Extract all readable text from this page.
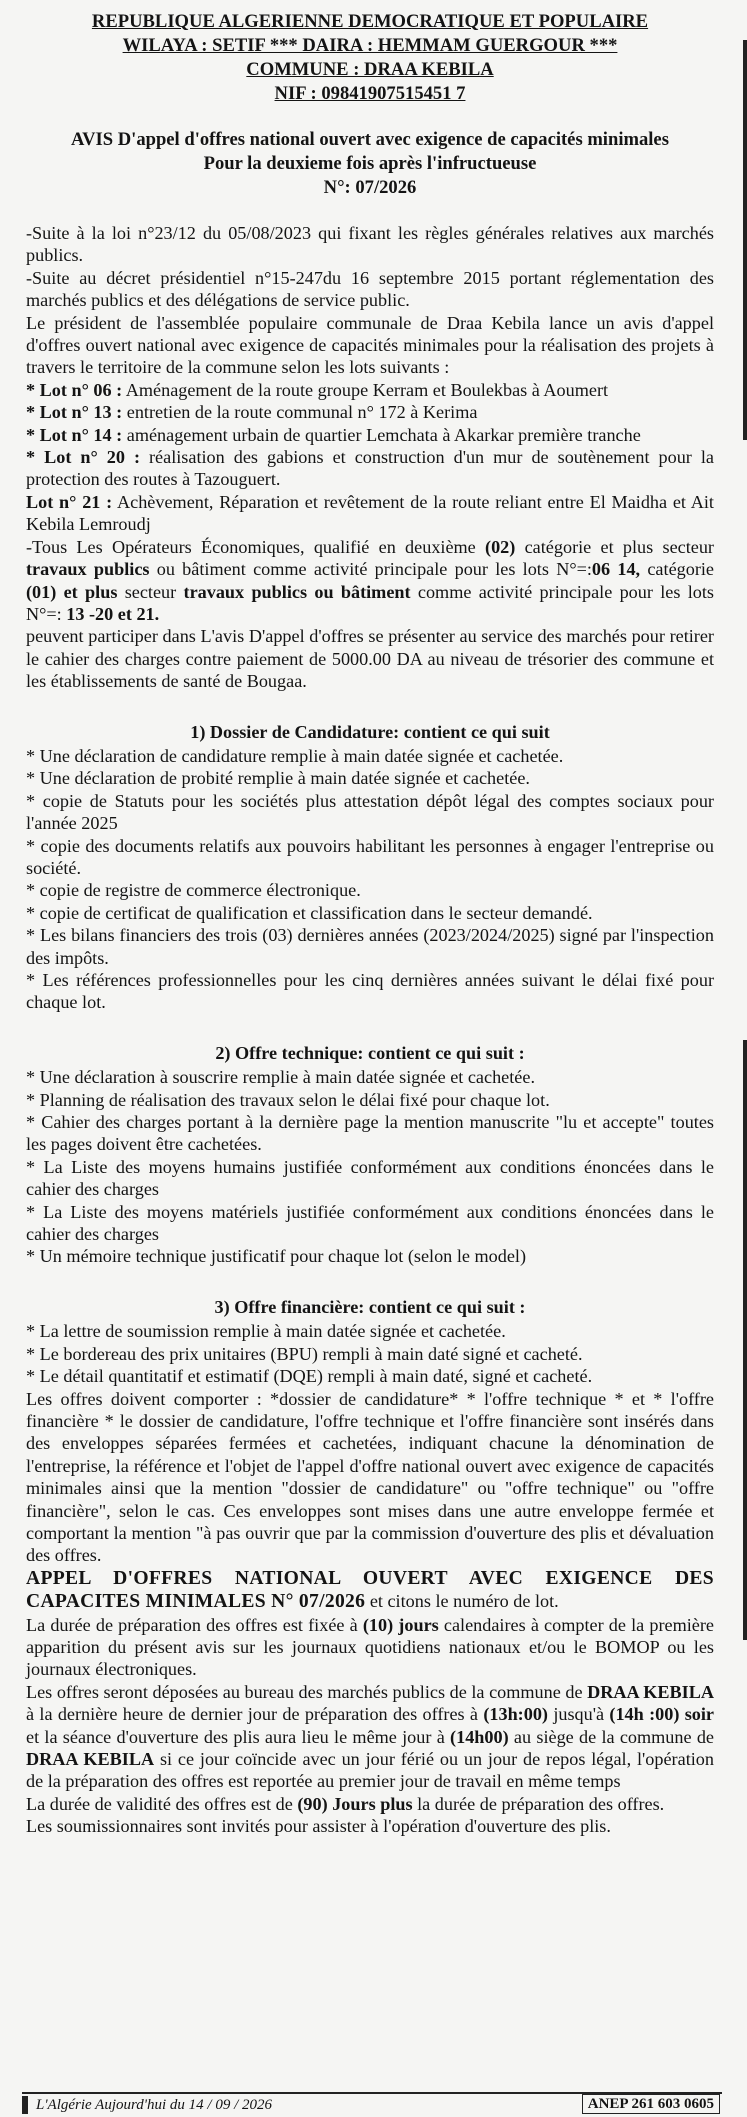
REPUBLIQUE ALGERIENNE DEMOCRATIQUE ET POPULAIRE
WILAYA : SETIF *** DAIRA : HEMMAM GUERGOUR ***
COMMUNE : DRAA KEBILA
NIF : 09841907515451 7
AVIS D'appel d'offres national ouvert avec exigence de capacités minimales
Pour la deuxieme fois après l'infructueuse
N°: 07/2026

-Suite à la loi n°23/12 du 05/08/2023 qui fixant les règles générales relatives aux marchés publics.

-Suite au décret présidentiel n°15-247du 16 septembre 2015 portant réglementation des marchés publics et des délégations de service public.

Le président de l'assemblée populaire communale de Draa Kebila lance un avis d'appel d'offres ouvert national avec exigence de capacités minimales pour la réalisation des projets à travers le territoire de la commune selon les lots suivants :

* Lot n° 06 : Aménagement de la route groupe Kerram et Boulekbas à Aoumert

* Lot n° 13 : entretien de la route communal n° 172 à Kerima

* Lot n° 14 : aménagement urbain de quartier Lemchata à Akarkar première tranche

* Lot n° 20 : réalisation des gabions et construction d'un mur de soutènement pour la protection des routes à Tazouguert.

Lot n° 21 : Achèvement, Réparation et revêtement de la route reliant entre El Maidha et Ait Kebila Lemroudj

-Tous Les Opérateurs Économiques, qualifié en deuxième (02) catégorie et plus secteur travaux publics ou bâtiment comme activité principale pour les lots N°=:06 14, catégorie (01) et plus secteur travaux publics ou bâtiment comme activité principale pour les lots N°=: 13 -20 et 21.

peuvent participer dans L'avis D'appel d'offres se présenter au service des marchés pour retirer le cahier des charges contre paiement de 5000.00 DA au niveau de trésorier des commune et les établissements de santé de Bougaa.

1) Dossier de Candidature: contient ce qui suit

* Une déclaration de candidature remplie à main datée signée et cachetée.

* Une déclaration de probité remplie à main datée signée et cachetée.

* copie de Statuts pour les sociétés plus attestation dépôt légal des comptes sociaux pour l'année 2025

* copie des documents relatifs aux pouvoirs habilitant les personnes à engager l'entreprise ou société.

* copie de registre de commerce électronique.

* copie de certificat de qualification et classification dans le secteur demandé.

* Les bilans financiers des trois (03) dernières années (2023/2024/2025) signé par l'inspection des impôts.

* Les références professionnelles pour les cinq dernières années suivant le délai fixé pour chaque lot.

2) Offre technique: contient ce qui suit :

* Une déclaration à souscrire remplie à main datée signée et cachetée.

* Planning de réalisation des travaux selon le délai fixé pour chaque lot.

* Cahier des charges portant à la dernière page la mention manuscrite "lu et accepte" toutes les pages doivent être cachetées.

* La Liste des moyens humains justifiée conformément aux conditions énoncées dans le cahier des charges

* La Liste des moyens matériels justifiée conformément aux conditions énoncées dans le cahier des charges

* Un mémoire technique justificatif pour chaque lot (selon le model)

3) Offre financière: contient ce qui suit :

* La lettre de soumission remplie à main datée signée et cachetée.

* Le bordereau des prix unitaires (BPU) rempli à main daté signé et cacheté.

* Le détail quantitatif et estimatif (DQE) rempli à main daté, signé et cacheté.

Les offres doivent comporter : *dossier de candidature* * l'offre technique * et * l'offre financière * le dossier de candidature, l'offre technique et l'offre financière sont insérés dans des enveloppes séparées fermées et cachetées, indiquant chacune la dénomination de l'entreprise, la référence et l'objet de l'appel d'offre national ouvert avec exigence de capacités minimales ainsi que la mention "dossier de candidature" ou "offre technique" ou "offre financière", selon le cas. Ces enveloppes sont mises dans une autre enveloppe fermée et comportant la mention "à pas ouvrir que par la commission d'ouverture des plis et dévaluation des offres.

APPEL D'OFFRES NATIONAL OUVERT AVEC EXIGENCE DES CAPACITES MINIMALES N° 07/2026 et citons le numéro de lot.

La durée de préparation des offres est fixée à (10) jours calendaires à compter de la première apparition du présent avis sur les journaux quotidiens nationaux et/ou le BOMOP ou les journaux électroniques.

Les offres seront déposées au bureau des marchés publics de la commune de DRAA KEBILA à la dernière heure de dernier jour de préparation des offres à (13h:00) jusqu'à (14h :00) soir et la séance d'ouverture des plis aura lieu le même jour à (14h00) au siège de la commune de DRAA KEBILA si ce jour coïncide avec un jour férié ou un jour de repos légal, l'opération de la préparation des offres est reportée au premier jour de travail en même temps

La durée de validité des offres est de (90) Jours plus la durée de préparation des offres.

Les soumissionnaires sont invités pour assister à l'opération d'ouverture des plis.

L'Algérie Aujourd'hui du 14 / 09 / 2026	ANEP 261 603 0605
